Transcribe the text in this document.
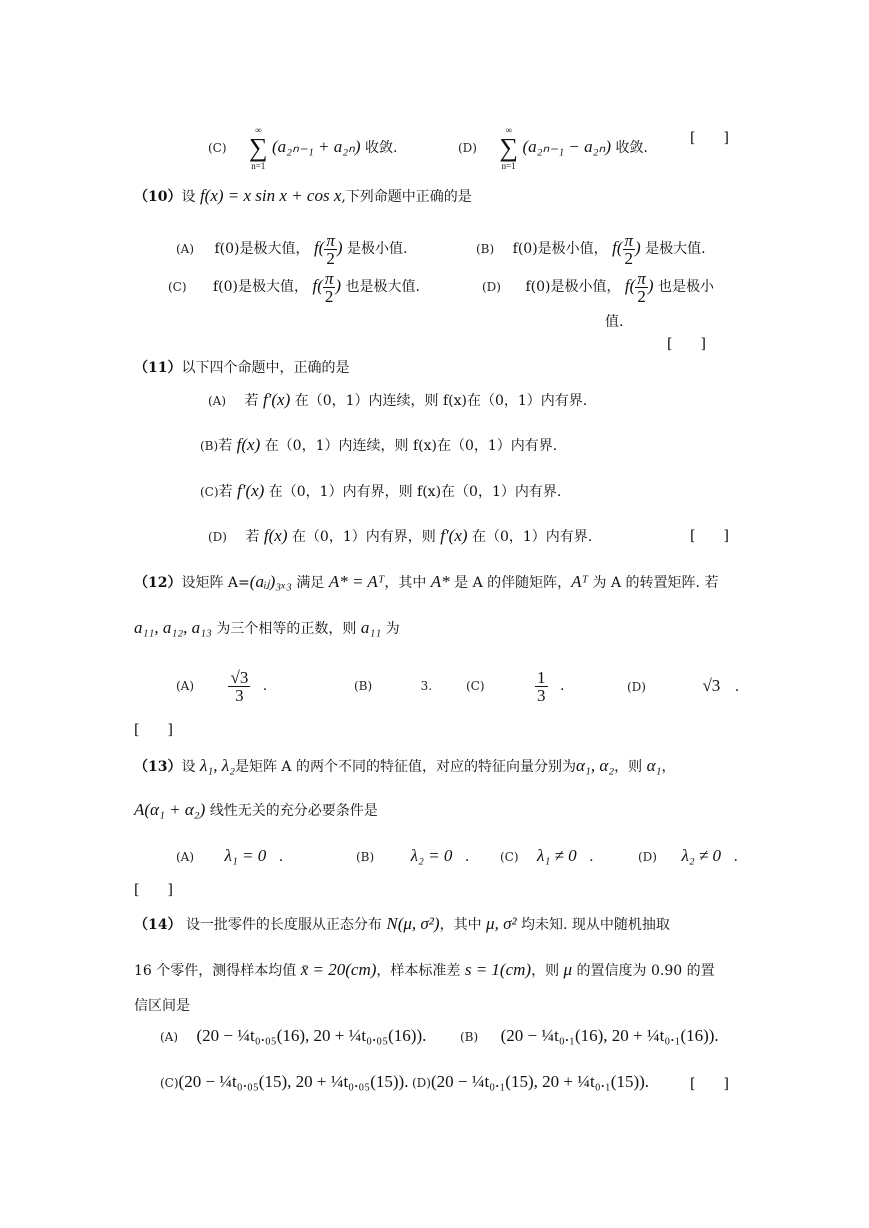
(C)
∞
∑
n=1
(a₂ₙ₋₁ + a₂ₙ) 收敛.	(D)
∞
∑
n=1
(a₂ₙ₋₁ − a₂ₙ) 收敛.
[　　]
（10）设 f(x) = x sin x + cos x,下列命题中正确的是
(A) f(0)是极大值， $f( \frac{\pi}{2}$ ) 是极小值.	(B) f(0)是极小值， $f( \frac{\pi}{2}$ ) 是极大值.
(C) f(0)是极大值， $f( \frac{\pi}{2}$ ) 也是极大值.	(D) f(0)是极小值， $f( \frac{\pi}{2}$ ) 也是极小
值.
[　　]
（11）以下四个命题中，正确的是
(A) 若 f′(x) 在（0，1）内连续，则 f(x)在（0，1）内有界.
(B)若 f(x) 在（0，1）内连续，则 f(x)在（0，1）内有界.
(C)若 f′(x) 在（0，1）内有界，则 f(x)在（0，1）内有界.
(D) 若 f(x) 在（0，1）内有界，则 f′(x) 在（0，1）内有界.	[　　]
（12）设矩阵 A=(aᵢⱼ)₃ₓ₃ 满足 A* = Aᵀ，其中 A* 是 A 的伴随矩阵，Aᵀ 为 A 的转置矩阵. 若
a₁₁, a₁₂, a₁₃ 为三个相等的正数，则 a₁₁ 为
$(A) \frac{√3}{3}$ .	(B)	3.	(C)	$\frac{1}{3}$ .	(D)	√3 .
[　　]
（13）设 λ₁, λ₂是矩阵 A 的两个不同的特征值，对应的特征向量分别为α₁, α₂，则 α₁，
A(α₁ + α₂) 线性无关的充分必要条件是
(A) λ₁ = 0 .	(B) λ₂ = 0 .	(C) λ₁ ≠ 0 .	(D) λ₂ ≠ 0 .
[　　]
（14） 设一批零件的长度服从正态分布 N(μ, σ²)，其中 μ, σ² 均未知. 现从中随机抽取
16 个零件，测得样本均值 x̄ = 20(cm)，样本标准差 s = 1(cm)，则 μ 的置信度为 0.90 的置
信区间是
(A) (20 − ¼t₀.₀₅(16), 20 + ¼t₀.₀₅(16)).	(B) (20 − ¼t₀.₁(16), 20 + ¼t₀.₁(16)).
(C)(20 − ¼t₀.₀₅(15), 20 + ¼t₀.₀₅(15)). (D)(20 − ¼t₀.₁(15), 20 + ¼t₀.₁(15)).	[　　]
